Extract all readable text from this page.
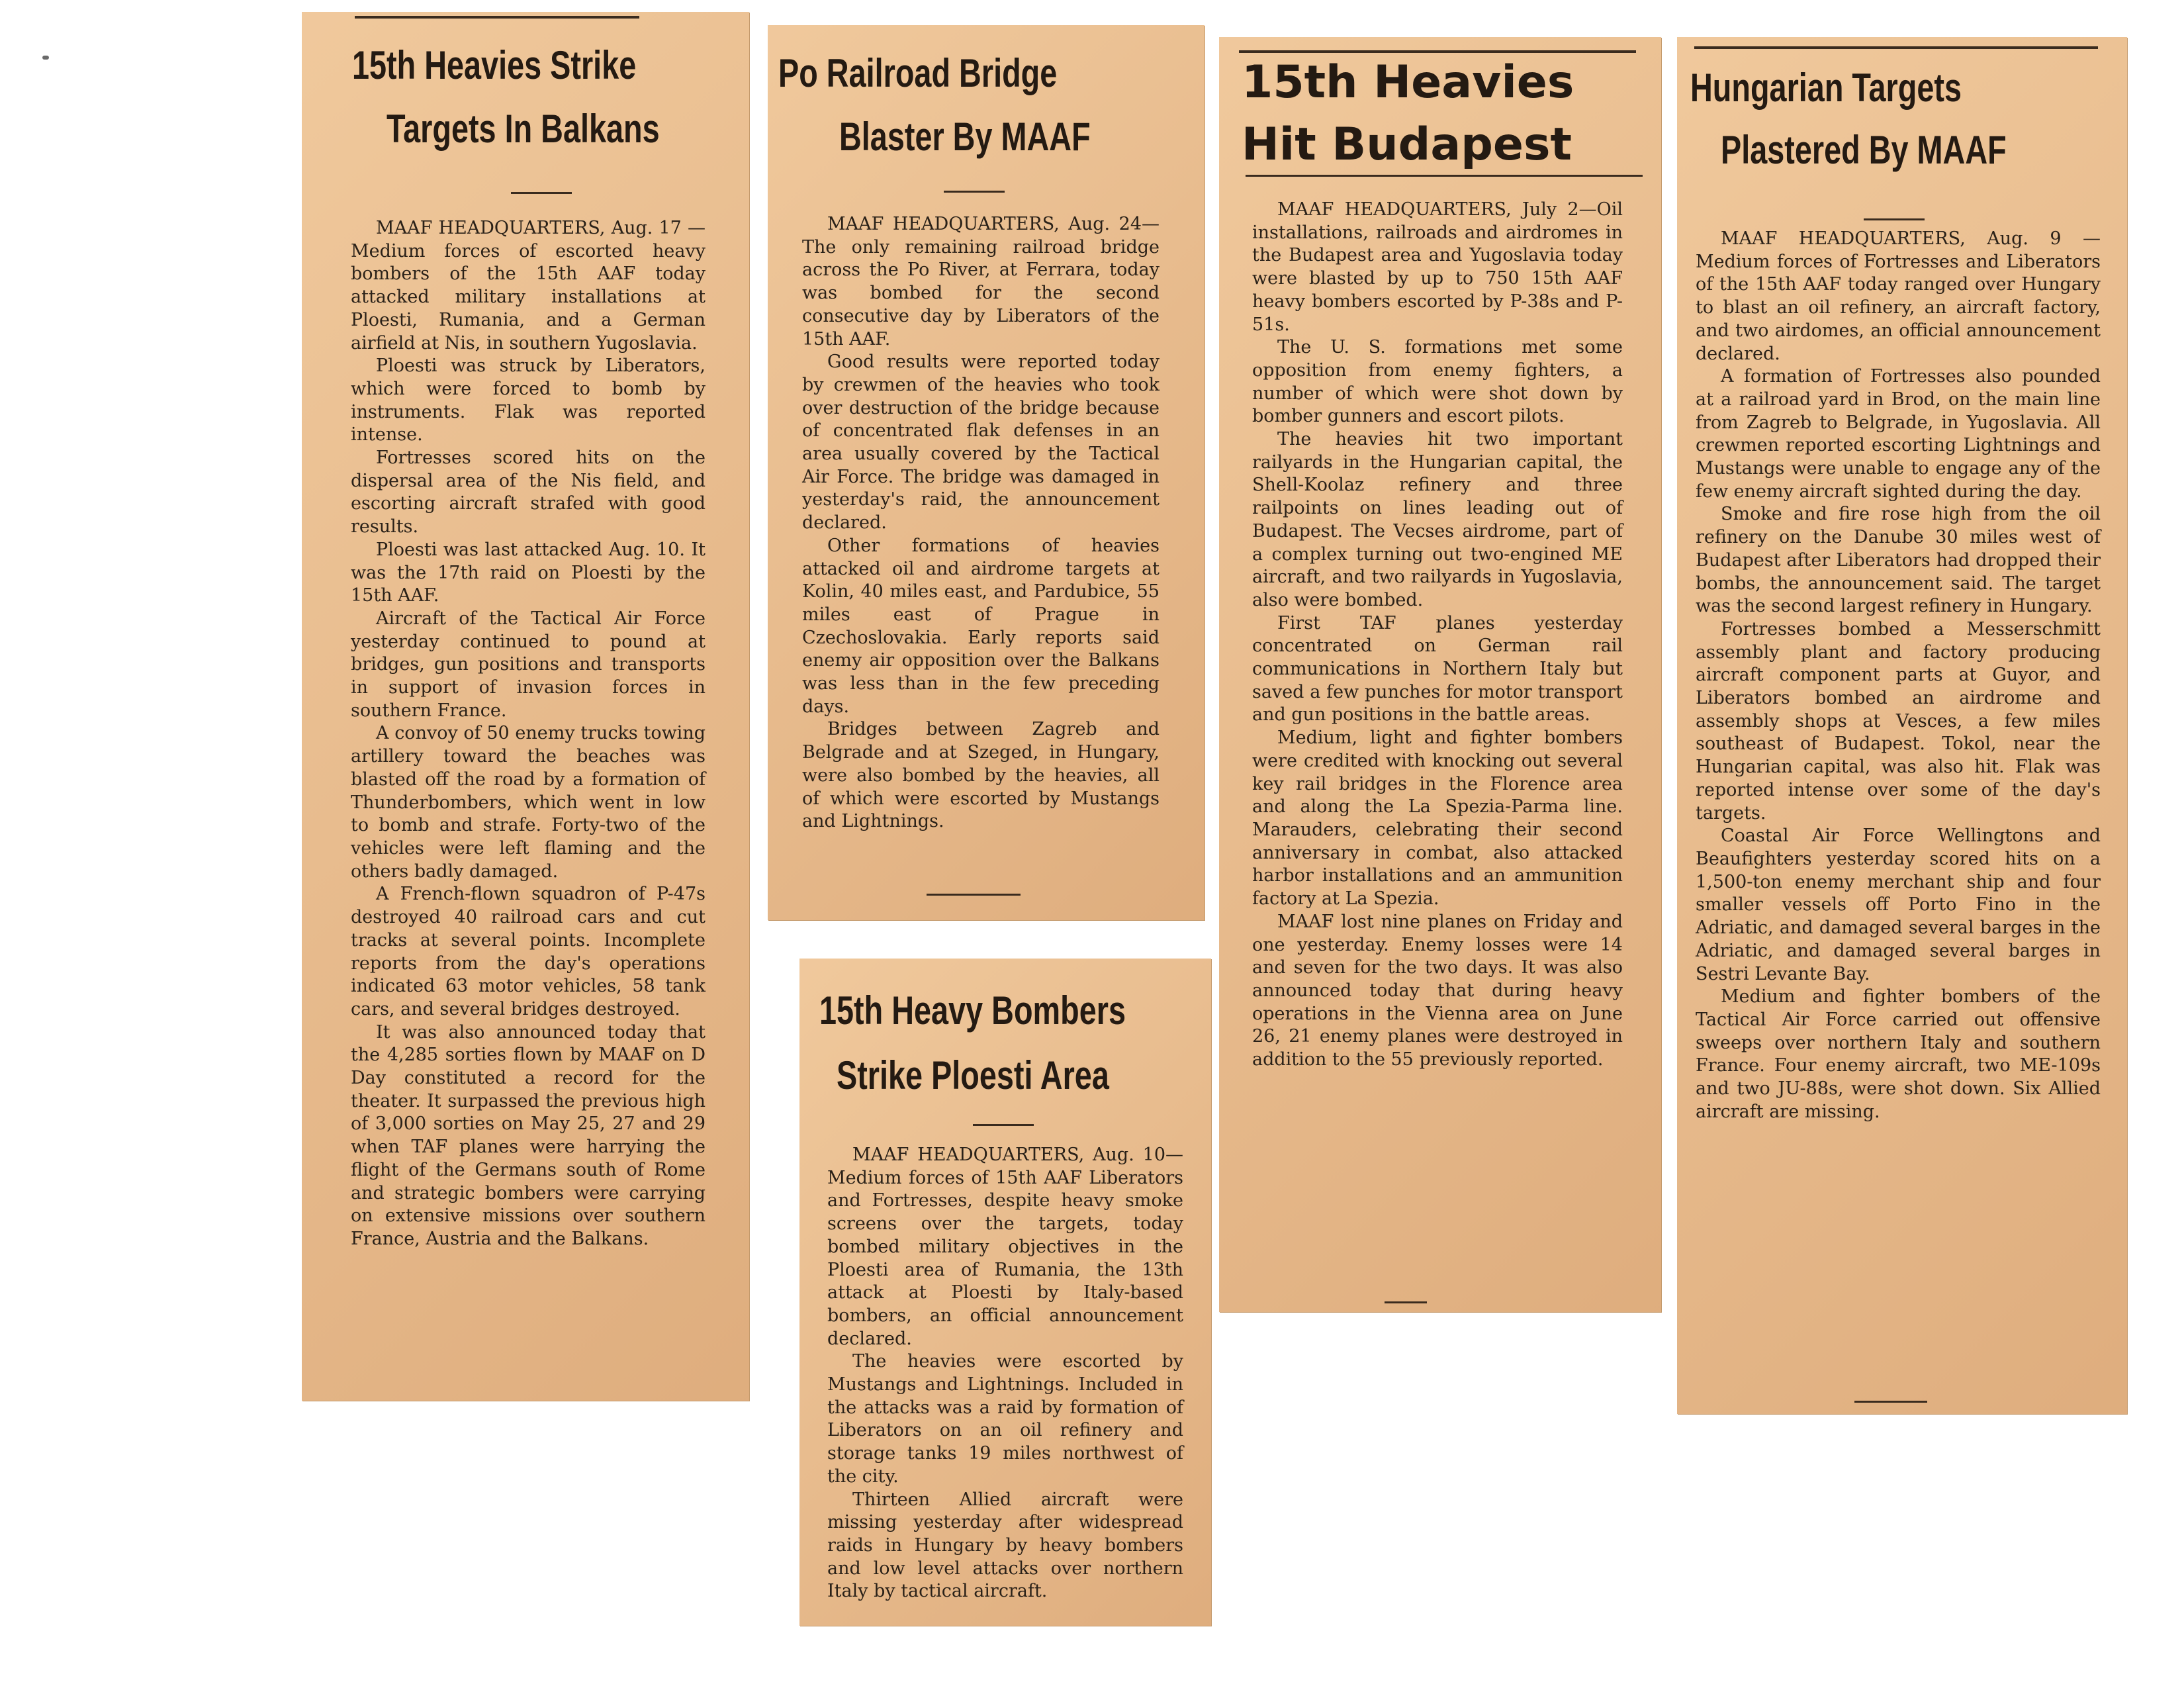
15th Heavies Strike
Targets In Balkans

MAAF HEADQUARTERS, Aug. 17 — Medium forces of escorted heavy bombers of the 15th AAF today attacked military installations at Ploesti, Rumania, and a German airfield at Nis, in southern Yugoslavia.

Ploesti was struck by Liberators, which were forced to bomb by instruments. Flak was reported intense.

Fortresses scored hits on the dispersal area of the Nis field, and escorting aircraft strafed with good results.

Ploesti was last attacked Aug. 10. It was the 17th raid on Ploesti by the 15th AAF.

Aircraft of the Tactical Air Force yesterday continued to pound at bridges, gun positions and transports in support of invasion forces in southern France.

A convoy of 50 enemy trucks towing artillery toward the beaches was blasted off the road by a formation of Thunderbombers, which went in low to bomb and strafe. Forty-two of the vehicles were left flaming and the others badly damaged.

A French-flown squadron of P-47s destroyed 40 railroad cars and cut tracks at several points. Incomplete reports from the day's operations indicated 63 motor vehicles, 58 tank cars, and several bridges destroyed.

It was also announced today that the 4,285 sorties flown by MAAF on D Day constituted a record for the theater. It surpassed the previous high of 3,000 sorties on May 25, 27 and 29 when TAF planes were harrying the flight of the Germans south of Rome and strategic bombers were carrying on extensive missions over southern France, Austria and the Balkans.

Po Railroad Bridge
Blaster By MAAF

MAAF HEADQUARTERS, Aug. 24—The only remaining railroad bridge across the Po River, at Ferrara, today was bombed for the second consecutive day by Liberators of the 15th AAF.

Good results were reported today by crewmen of the heavies who took over destruction of the bridge because of concentrated flak defenses in an area usually covered by the Tactical Air Force. The bridge was damaged in yesterday's raid, the announcement declared.

Other formations of heavies attacked oil and airdrome targets at Kolin, 40 miles east, and Pardubice, 55 miles east of Prague in Czechoslovakia. Early reports said enemy air opposition over the Balkans was less than in the few preceding days.

Bridges between Zagreb and Belgrade and at Szeged, in Hungary, were also bombed by the heavies, all of which were escorted by Mustangs and Lightnings.

15th Heavy Bombers
Strike Ploesti Area

MAAF HEADQUARTERS, Aug. 10—Medium forces of 15th AAF Liberators and Fortresses, despite heavy smoke screens over the targets, today bombed military objectives in the Ploesti area of Rumania, the 13th attack at Ploesti by Italy-based bombers, an official announcement declared.

The heavies were escorted by Mustangs and Lightnings. Included in the attacks was a raid by formation of Liberators on an oil refinery and storage tanks 19 miles northwest of the city.

Thirteen Allied aircraft were missing yesterday after widespread raids in Hungary by heavy bombers and low level attacks over northern Italy by tactical aircraft.

15th Heavies
Hit Budapest

MAAF HEADQUARTERS, July 2—Oil installations, railroads and airdromes in the Budapest area and Yugoslavia today were blasted by up to 750 15th AAF heavy bombers escorted by P-38s and P-51s.

The U. S. formations met some opposition from enemy fighters, a number of which were shot down by bomber gunners and escort pilots.

The heavies hit two important railyards in the Hungarian capital, the Shell-Koolaz refinery and three railpoints on lines leading out of Budapest. The Vecses airdrome, part of a complex turning out two-engined ME aircraft, and two railyards in Yugoslavia, also were bombed.

First TAF planes yesterday concentrated on German rail communications in Northern Italy but saved a few punches for motor transport and gun positions in the battle areas.

Medium, light and fighter bombers were credited with knocking out several key rail bridges in the Florence area and along the La Spezia-Parma line. Marauders, celebrating their second anniversary in combat, also attacked harbor installations and an ammunition factory at La Spezia.

MAAF lost nine planes on Friday and one yesterday. Enemy losses were 14 and seven for the two days. It was also announced today that during heavy operations in the Vienna area on June 26, 21 enemy planes were destroyed in addition to the 55 previously reported.

Hungarian Targets
Plastered By MAAF

MAAF HEADQUARTERS, Aug. 9 —Medium forces of Fortresses and Liberators of the 15th AAF today ranged over Hungary to blast an oil refinery, an aircraft factory, and two airdomes, an official announcement declared.

A formation of Fortresses also pounded at a railroad yard in Brod, on the main line from Zagreb to Belgrade, in Yugoslavia. All crewmen reported escorting Lightnings and Mustangs were unable to engage any of the few enemy aircraft sighted during the day.

Smoke and fire rose high from the oil refinery on the Danube 30 miles west of Budapest after Liberators had dropped their bombs, the announcement said. The target was the second largest refinery in Hungary.

Fortresses bombed a Messerschmitt assembly plant and factory producing aircraft component parts at Guyor, and Liberators bombed an airdrome and assembly shops at Vesces, a few miles southeast of Budapest. Tokol, near the Hungarian capital, was also hit. Flak was reported intense over some of the day's targets.

Coastal Air Force Wellingtons and Beaufighters yesterday scored hits on a 1,500-ton enemy merchant ship and four smaller vessels off Porto Fino in the Adriatic, and damaged several barges in the Adriatic, and damaged several barges in Sestri Levante Bay.

Medium and fighter bombers of the Tactical Air Force carried out offensive sweeps over northern Italy and southern France. Four enemy aircraft, two ME-109s and two JU-88s, were shot down. Six Allied aircraft are missing.
